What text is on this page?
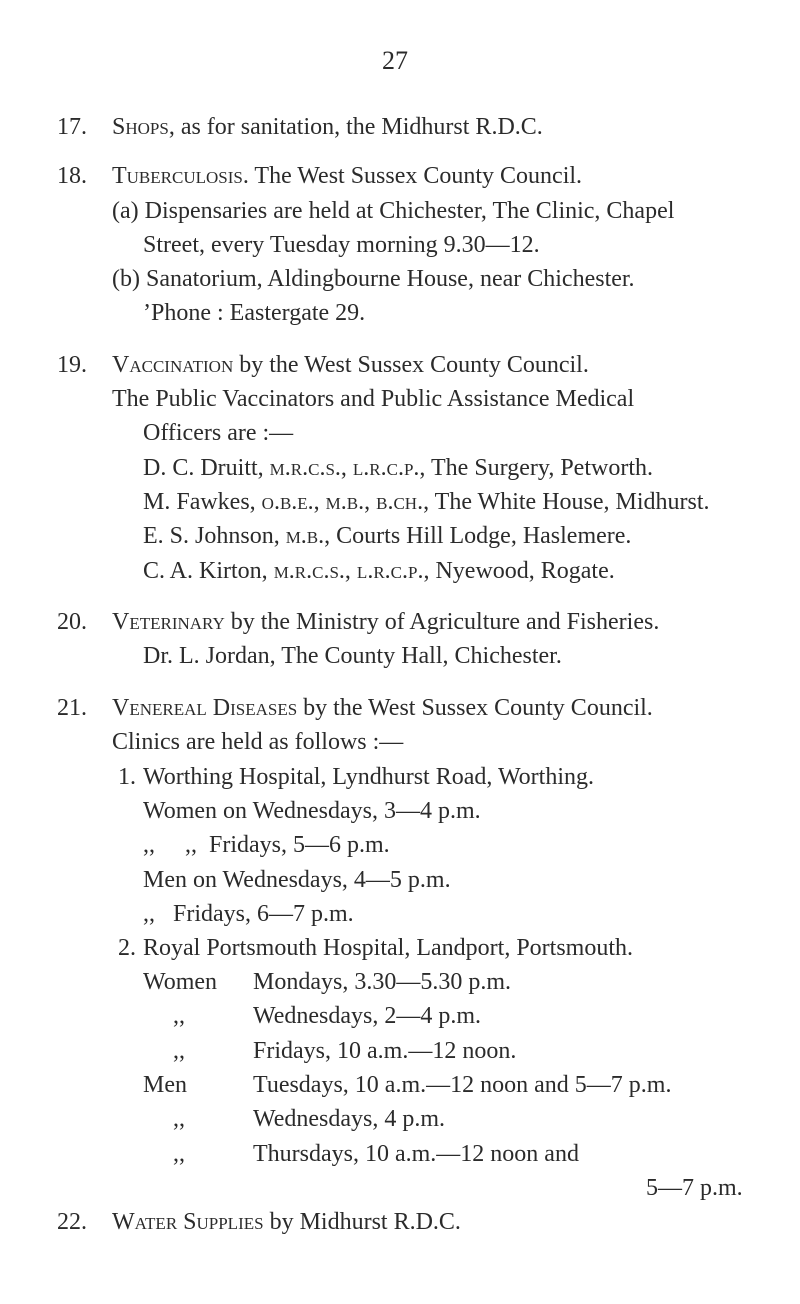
27
17. Shops, as for sanitation, the Midhurst R.D.C.
18. Tuberculosis. The West Sussex County Council.
(a) Dispensaries are held at Chichester, The Clinic, Chapel
Street, every Tuesday morning 9.30—12.
(b) Sanatorium, Aldingbourne House, near Chichester.
’Phone : Eastergate 29.
19. Vaccination by the West Sussex County Council.
The Public Vaccinators and Public Assistance Medical
Officers are :—
D. C. Druitt, m.r.c.s., l.r.c.p., The Surgery, Petworth.
M. Fawkes, o.b.e., m.b., b.ch., The White House, Midhurst.
E. S. Johnson, m.b., Courts Hill Lodge, Haslemere.
C. A. Kirton, m.r.c.s., l.r.c.p., Nyewood, Rogate.
20. Veterinary by the Ministry of Agriculture and Fisheries.
Dr. L. Jordan, The County Hall, Chichester.
21. Venereal Diseases by the West Sussex County Council.
Clinics are held as follows :—
1. Worthing Hospital, Lyndhurst Road, Worthing.
Women on Wednesdays, 3—4 p.m.
,,     ,,  Fridays, 5—6 p.m.
Men on Wednesdays, 4—5 p.m.
,,   Fridays, 6—7 p.m.
2. Royal Portsmouth Hospital, Landport, Portsmouth.
Women Mondays, 3.30—5.30 p.m.
,,	Wednesdays, 2—4 p.m.
,,	Fridays, 10 a.m.—12 noon.
Men	Tuesdays, 10 a.m.—12 noon and 5—7 p.m.
,,	Wednesdays, 4 p.m.
,,	Thursdays, 10 a.m.—12 noon and
5—7 p.m.
22. Water Supplies by Midhurst R.D.C.
